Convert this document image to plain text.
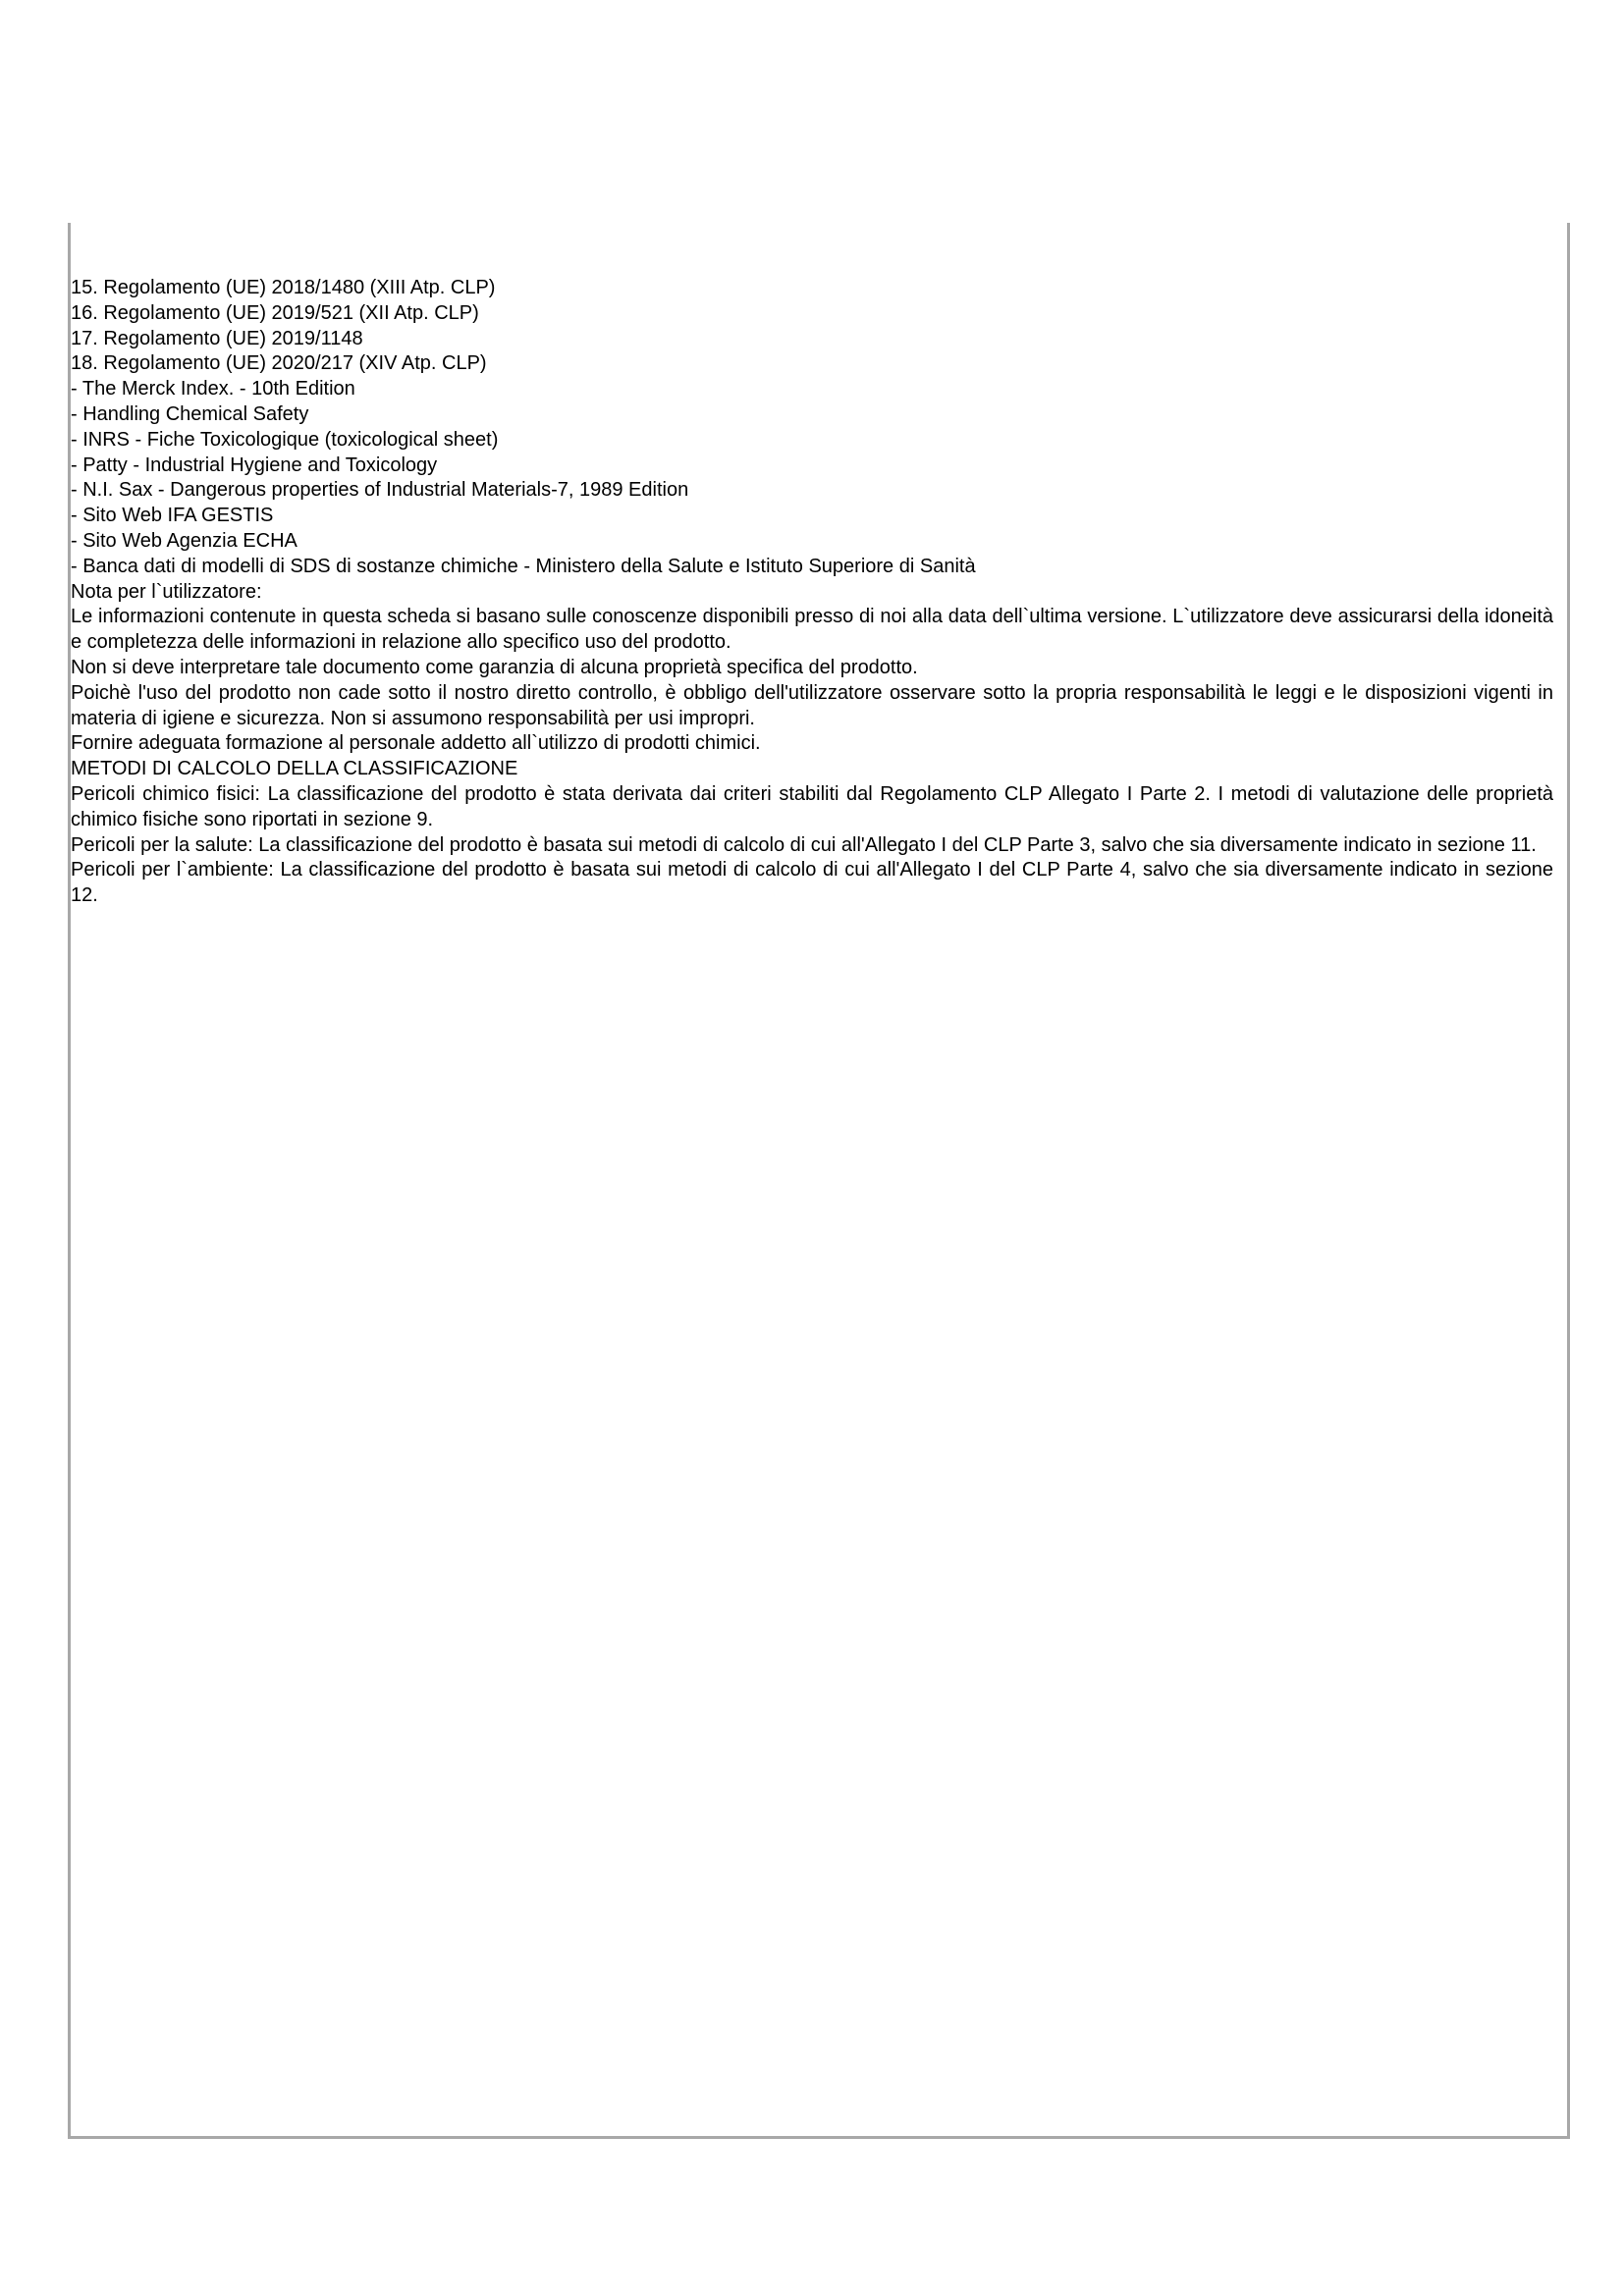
15. Regolamento (UE) 2018/1480 (XIII Atp. CLP)
16. Regolamento (UE) 2019/521 (XII Atp. CLP)
17. Regolamento (UE) 2019/1148
18. Regolamento (UE) 2020/217 (XIV Atp. CLP)
- The Merck Index. - 10th Edition
- Handling Chemical Safety
- INRS - Fiche Toxicologique (toxicological sheet)
- Patty - Industrial Hygiene and Toxicology
- N.I. Sax - Dangerous properties of Industrial Materials-7, 1989 Edition
- Sito Web IFA GESTIS
- Sito Web Agenzia ECHA
- Banca dati di modelli di SDS di sostanze chimiche - Ministero della Salute e Istituto Superiore di Sanità
Nota per l`utilizzatore:
Le informazioni contenute in questa scheda si basano sulle conoscenze disponibili presso di noi alla data dell`ultima versione. L`utilizzatore deve assicurarsi della idoneità e completezza delle informazioni in relazione allo specifico uso del prodotto.
Non si deve interpretare tale documento come garanzia di alcuna proprietà specifica del prodotto.
Poichè l'uso del prodotto non cade sotto il nostro diretto controllo, è obbligo dell'utilizzatore osservare sotto la propria responsabilità le leggi e le disposizioni vigenti in materia di igiene e sicurezza. Non si assumono responsabilità per usi impropri.
Fornire adeguata formazione al personale addetto all`utilizzo di prodotti chimici.
METODI DI CALCOLO DELLA CLASSIFICAZIONE
Pericoli chimico fisici: La classificazione del prodotto è stata derivata dai criteri stabiliti dal Regolamento CLP Allegato I Parte 2. I metodi di valutazione delle proprietà chimico fisiche sono riportati in sezione 9.
Pericoli per la salute: La classificazione del prodotto è basata sui metodi di calcolo di cui all'Allegato I del CLP Parte 3, salvo che sia diversamente indicato in sezione 11.
Pericoli per l`ambiente: La classificazione del prodotto è basata sui metodi di calcolo di cui all'Allegato I del CLP Parte 4, salvo che sia diversamente indicato in sezione 12.
